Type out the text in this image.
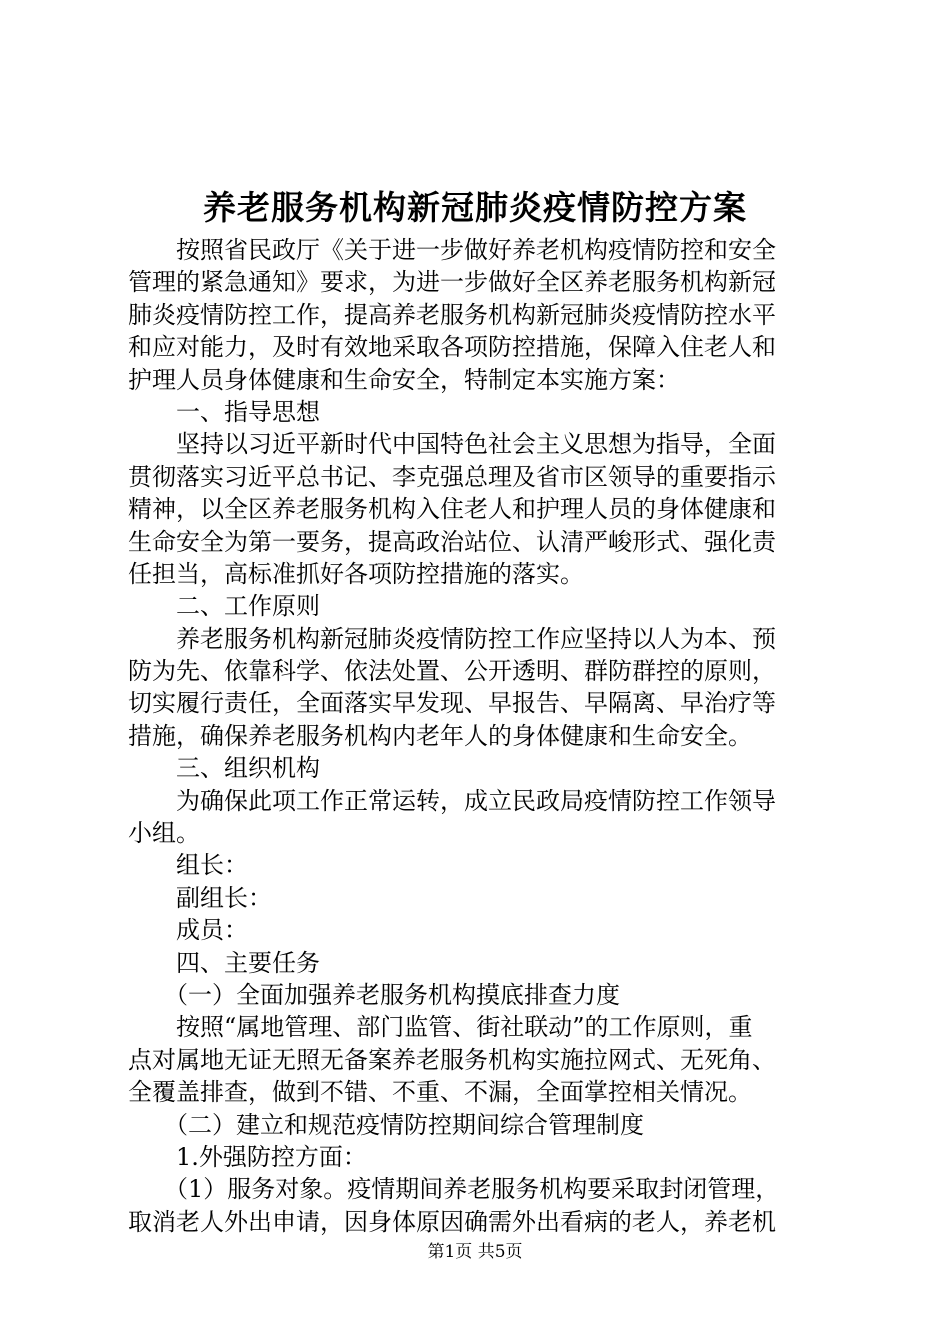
养老服务机构新冠肺炎疫情防控方案
　　按照省民政厅《关于进一步做好养老机构疫情防控和安全
管理的紧急通知》要求，为进一步做好全区养老服务机构新冠
肺炎疫情防控工作，提高养老服务机构新冠肺炎疫情防控水平
和应对能力，及时有效地采取各项防控措施，保障入住老人和
护理人员身体健康和生命安全，特制定本实施方案：
　　一、指导思想
　　坚持以习近平新时代中国特色社会主义思想为指导，全面
贯彻落实习近平总书记、李克强总理及省市区领导的重要指示
精神，以全区养老服务机构入住老人和护理人员的身体健康和
生命安全为第一要务，提高政治站位、认清严峻形式、强化责
任担当，高标准抓好各项防控措施的落实。
　　二、工作原则
　　养老服务机构新冠肺炎疫情防控工作应坚持以人为本、预
防为先、依靠科学、依法处置、公开透明、群防群控的原则，
切实履行责任，全面落实早发现、早报告、早隔离、早治疗等
措施，确保养老服务机构内老年人的身体健康和生命安全。
　　三、组织机构
　　为确保此项工作正常运转，成立民政局疫情防控工作领导
小组。
　　组长：
　　副组长：
　　成员：
　　四、主要任务
　　（一）全面加强养老服务机构摸底排查力度
　　按照“属地管理、部门监管、街社联动”的工作原则，重
点对属地无证无照无备案养老服务机构实施拉网式、无死角、
全覆盖排查，做到不错、不重、不漏，全面掌控相关情况。
　　（二）建立和规范疫情防控期间综合管理制度
　　1.外强防控方面：
　　（1）服务对象。疫情期间养老服务机构要采取封闭管理，
取消老人外出申请，因身体原因确需外出看病的老人，养老机
第1页 共5页
